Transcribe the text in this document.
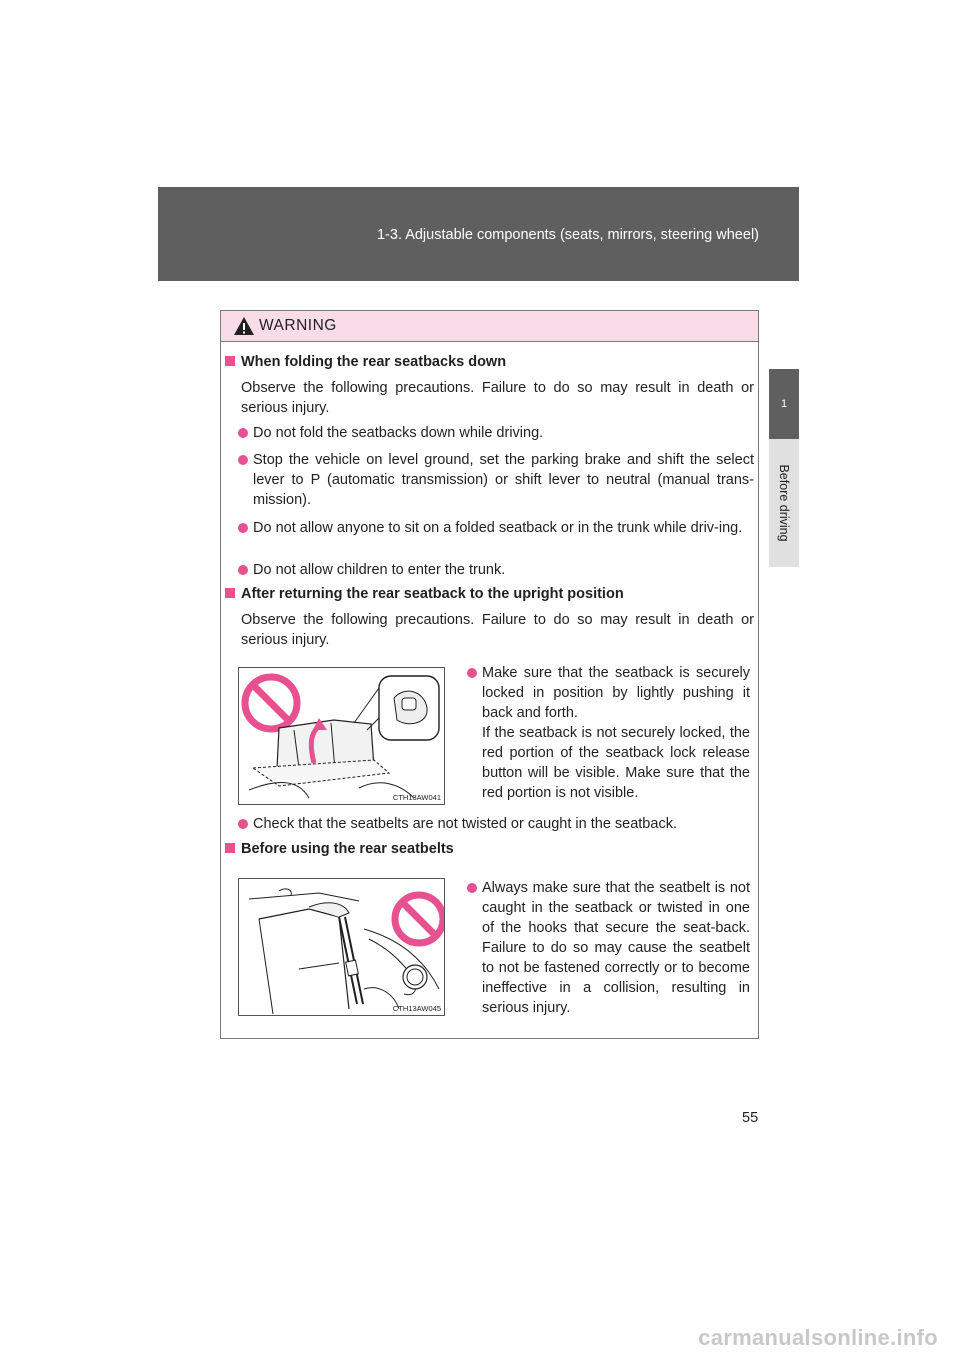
1-3. Adjustable components (seats, mirrors, steering wheel)
1
Before driving
WARNING
When folding the rear seatbacks down
Observe the following precautions. Failure to do so may result in death or serious injury.
Do not fold the seatbacks down while driving.
Stop the vehicle on level ground, set the parking brake and shift the select lever to P (automatic transmission) or shift lever to neutral (manual trans-mission).
Do not allow anyone to sit on a folded seatback or in the trunk while driv-ing.
Do not allow children to enter the trunk.
After returning the rear seatback to the upright position
Observe the following precautions. Failure to do so may result in death or serious injury.
CTH13AW041
Make sure that the seatback is securely locked in position by lightly pushing it back and forth.
If the seatback is not securely locked, the red portion of the seatback lock release button will be visible. Make sure that the red portion is not visible.
Check that the seatbelts are not twisted or caught in the seatback.
Before using the rear seatbelts
CTH13AW045
Always make sure that the seatbelt is not caught in the seatback or twisted in one of the hooks that secure the seat-back. Failure to do so may cause the seatbelt to not be fastened correctly or to become ineffective in a collision, resulting in serious injury.
55
carmanualsonline.info
